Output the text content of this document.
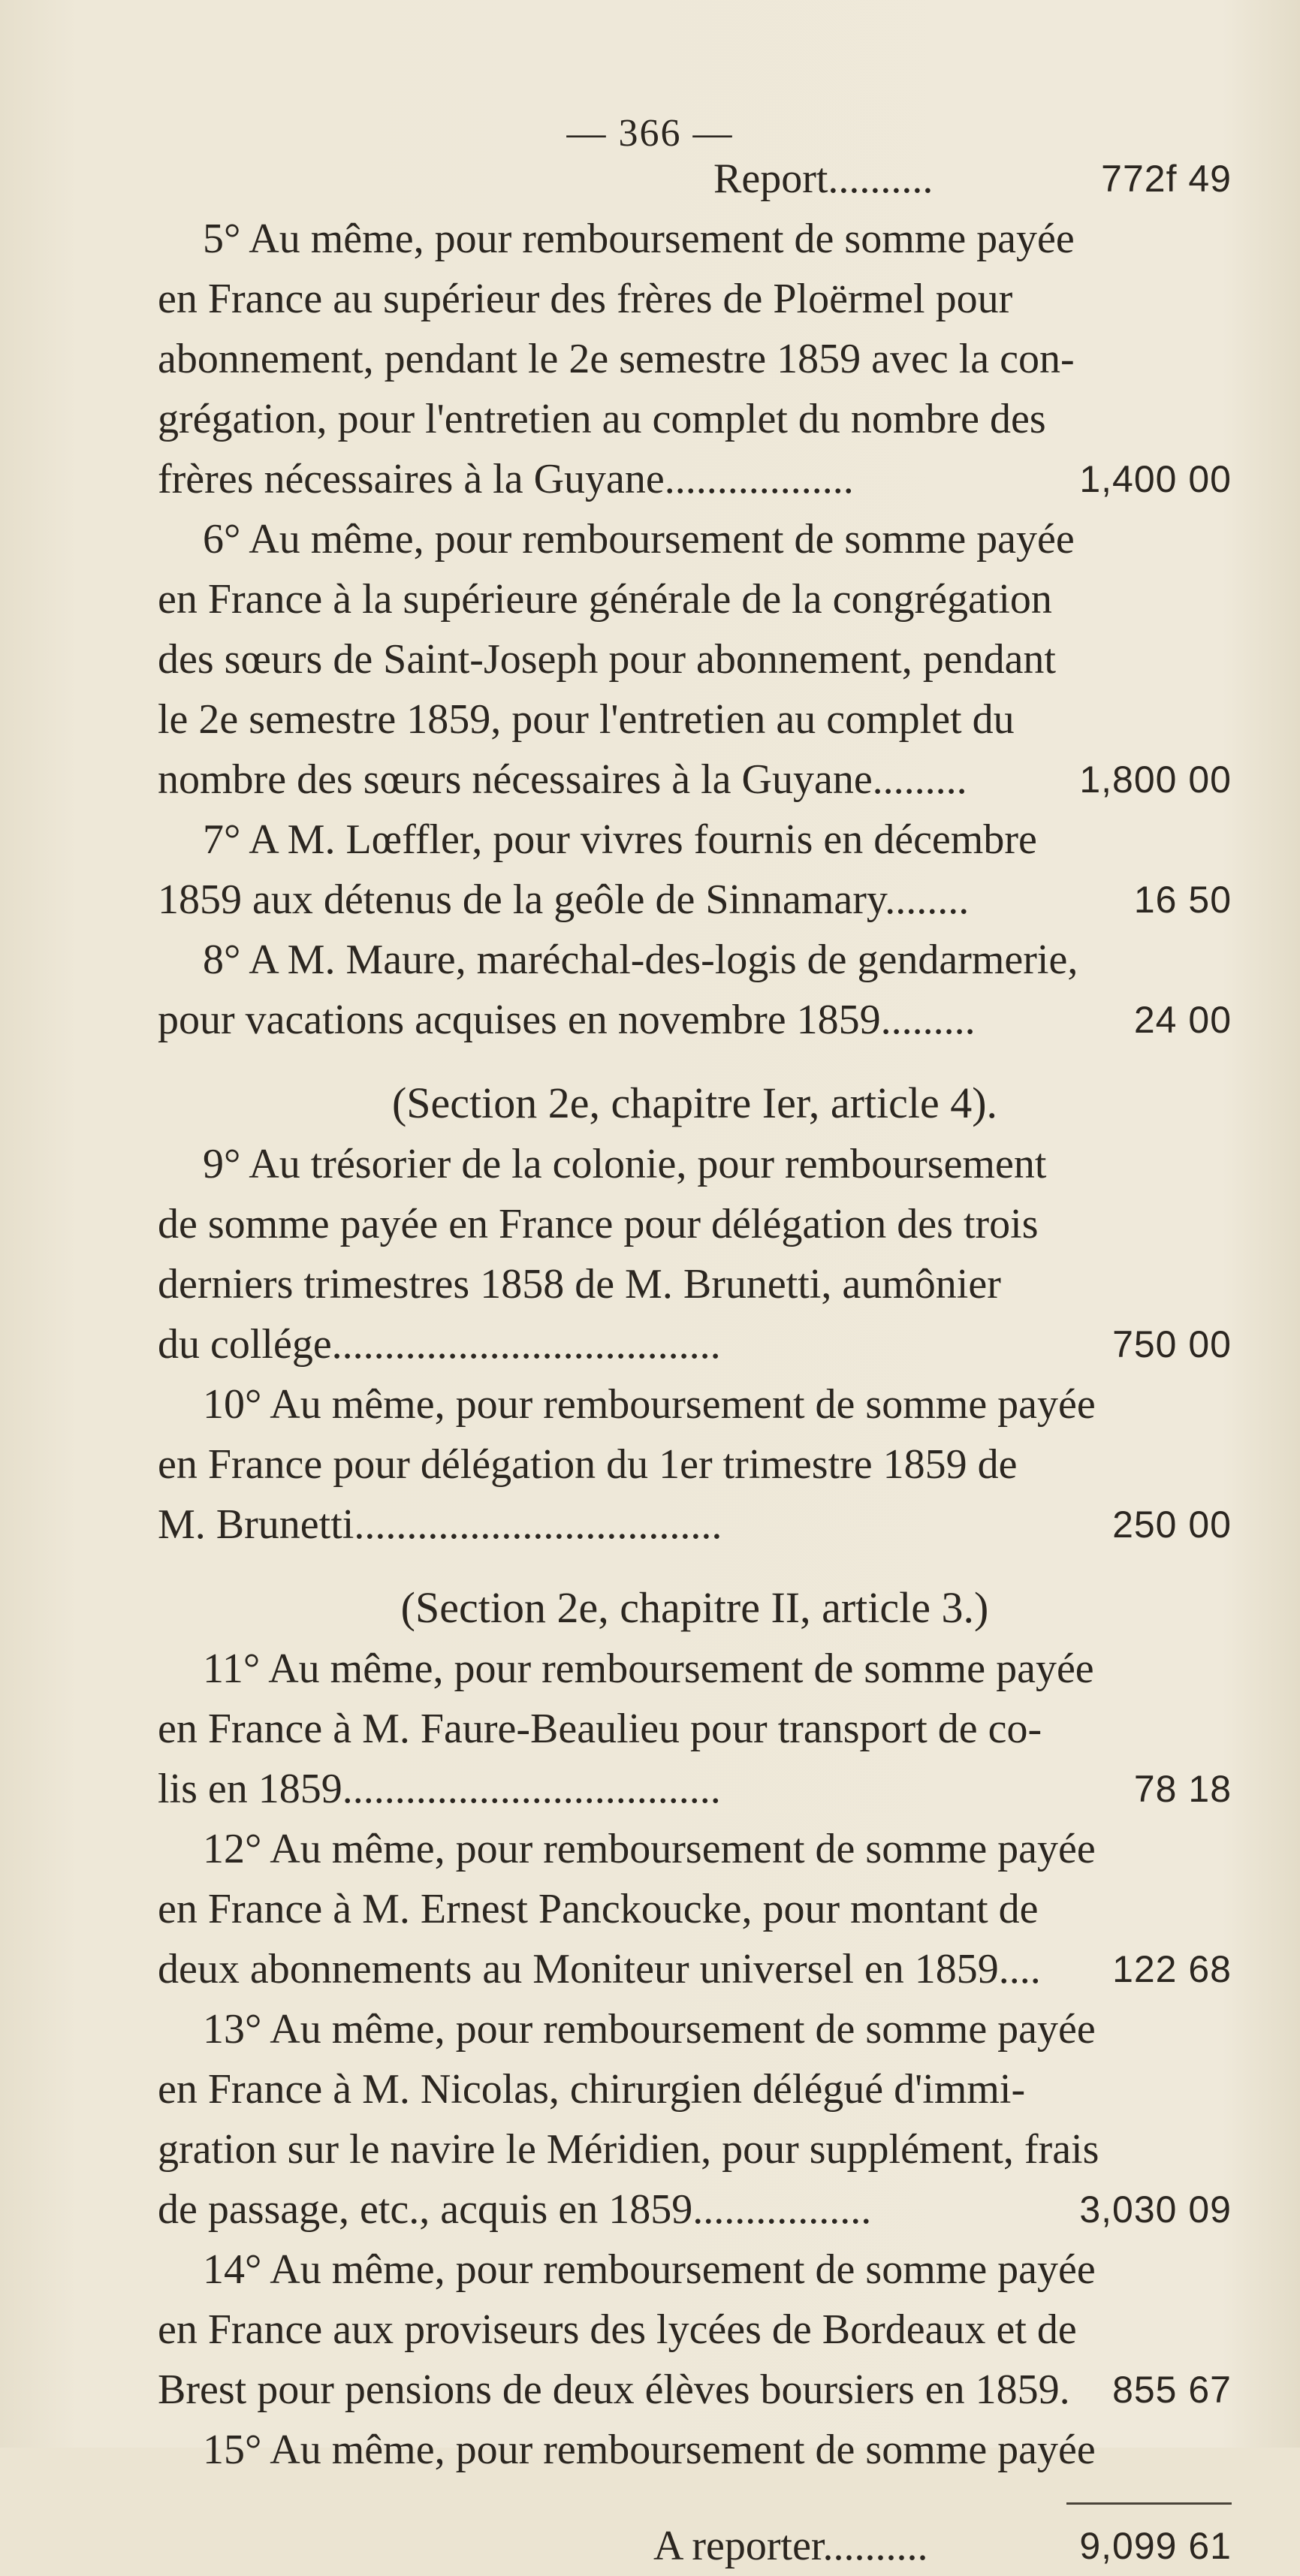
— 366 —
Report..........	772f 49
5° Au même, pour remboursement de somme payée
en France au supérieur des frères de Ploërmel pour
abonnement, pendant le 2e semestre 1859 avec la con-
grégation, pour l'entretien au complet du nombre des
frères nécessaires à la Guyane..................	1,400 00
6° Au même, pour remboursement de somme payée
en France à la supérieure générale de la congrégation
des sœurs de Saint-Joseph pour abonnement, pendant
le 2e semestre 1859, pour l'entretien au complet du
nombre des sœurs nécessaires à la Guyane.........	1,800 00
7° A M. Lœffler, pour vivres fournis en décembre
1859 aux détenus de la geôle de Sinnamary........	16 50
8° A M. Maure, maréchal-des-logis de gendarmerie,
pour vacations acquises en novembre 1859.........	24 00
(Section 2e, chapitre Ier, article 4).
9° Au trésorier de la colonie, pour remboursement
de somme payée en France pour délégation des trois
derniers trimestres 1858 de M. Brunetti, aumônier
du collége.....................................	750 00
10° Au même, pour remboursement de somme payée
en France pour délégation du 1er trimestre 1859 de
M. Brunetti...................................	250 00
(Section 2e, chapitre II, article 3.)
11° Au même, pour remboursement de somme payée
en France à M. Faure-Beaulieu pour transport de co-
lis en 1859....................................	78 18
12° Au même, pour remboursement de somme payée
en France à M. Ernest Panckoucke, pour montant de
deux abonnements au Moniteur universel en 1859.... 122 68
13° Au même, pour remboursement de somme payée
en France à M. Nicolas, chirurgien délégué d'immi-
gration sur le navire le Méridien, pour supplément, frais
de passage, etc., acquis en 1859.................	3,030 09
14° Au même, pour remboursement de somme payée
en France aux proviseurs des lycées de Bordeaux et de
Brest pour pensions de deux élèves boursiers en 1859. 855 67
15° Au même, pour remboursement de somme payée
A reporter..........	9,099 61
